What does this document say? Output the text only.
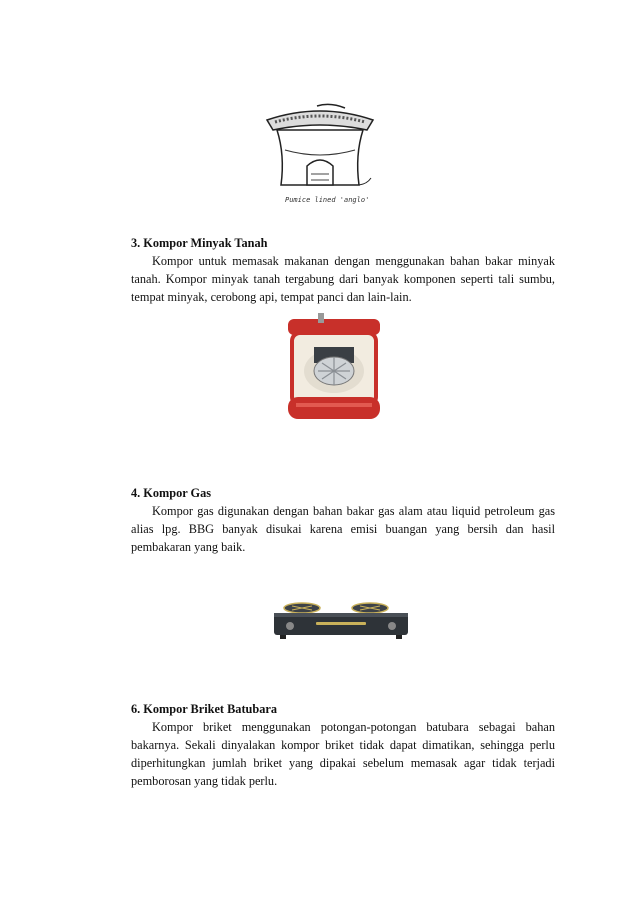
Pumice lined 'anglo'
3. Kompor Minyak Tanah

Kompor untuk memasak makanan dengan menggunakan bahan bakar minyak tanah. Kompor minyak tanah tergabung dari banyak komponen seperti tali sumbu, tempat minyak, cerobong api, tempat panci dan lain-lain.

4. Kompor Gas

Kompor gas digunakan dengan bahan bakar gas alam atau liquid petroleum gas alias lpg. BBG banyak disukai karena emisi buangan yang bersih dan hasil pembakaran yang baik.

6. Kompor Briket Batubara

Kompor briket menggunakan potongan-potongan batubara sebagai bahan bakarnya. Sekali dinyalakan kompor briket tidak dapat dimatikan, sehingga perlu diperhitungkan jumlah briket yang dipakai sebelum memasak agar tidak terjadi pemborosan yang tidak perlu.
